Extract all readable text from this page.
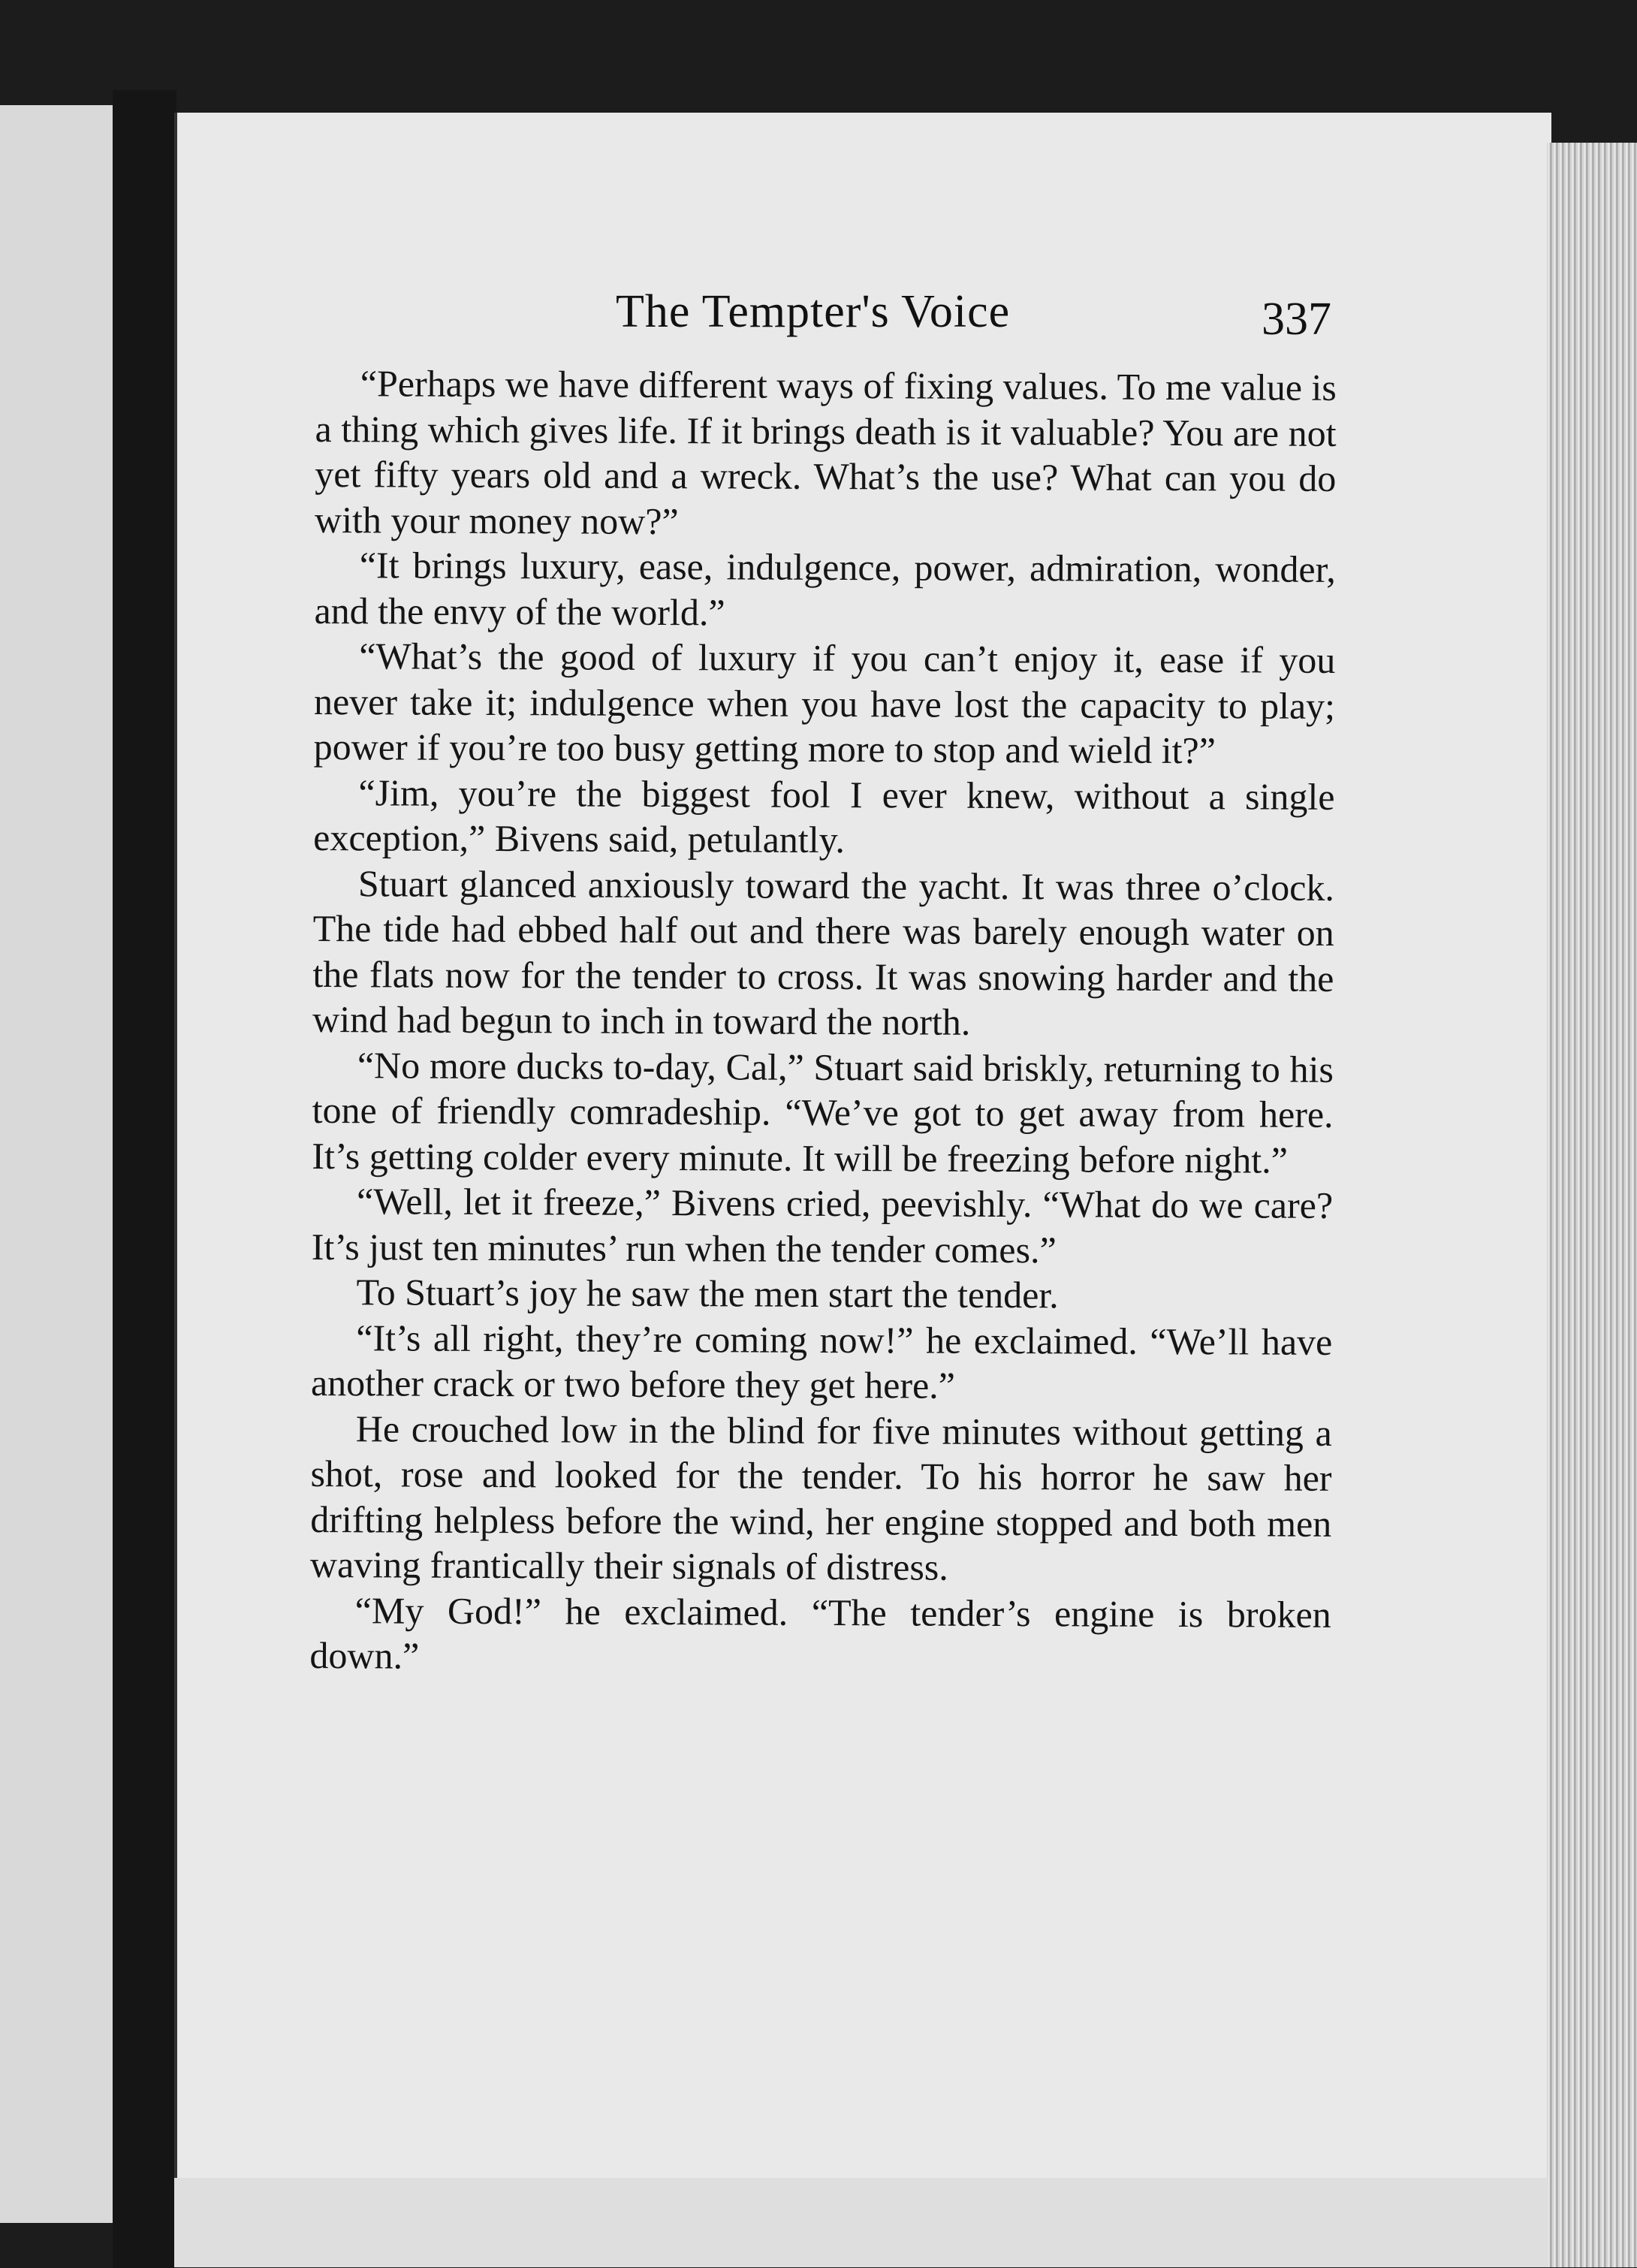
The Tempter's Voice	337

“Perhaps we have different ways of fixing values. To me value is a thing which gives life. If it brings death is it valuable? You are not yet fifty years old and a wreck. What’s the use? What can you do with your money now?”

“It brings luxury, ease, indulgence, power, admiration, wonder, and the envy of the world.”

“What’s the good of luxury if you can’t enjoy it, ease if you never take it; indulgence when you have lost the capacity to play; power if you’re too busy getting more to stop and wield it?”

“Jim, you’re the biggest fool I ever knew, without a single exception,” Bivens said, petulantly.

Stuart glanced anxiously toward the yacht. It was three o’clock. The tide had ebbed half out and there was barely enough water on the flats now for the tender to cross. It was snowing harder and the wind had begun to inch in toward the north.

“No more ducks to-day, Cal,” Stuart said briskly, returning to his tone of friendly comradeship. “We’ve got to get away from here. It’s getting colder every minute. It will be freezing before night.”

“Well, let it freeze,” Bivens cried, peevishly. “What do we care? It’s just ten minutes’ run when the tender comes.”

To Stuart’s joy he saw the men start the tender.

“It’s all right, they’re coming now!” he exclaimed. “We’ll have another crack or two before they get here.”

He crouched low in the blind for five minutes without getting a shot, rose and looked for the tender. To his horror he saw her drifting helpless before the wind, her engine stopped and both men waving frantically their signals of distress.

“My God!” he exclaimed. “The tender’s engine is broken down.”
